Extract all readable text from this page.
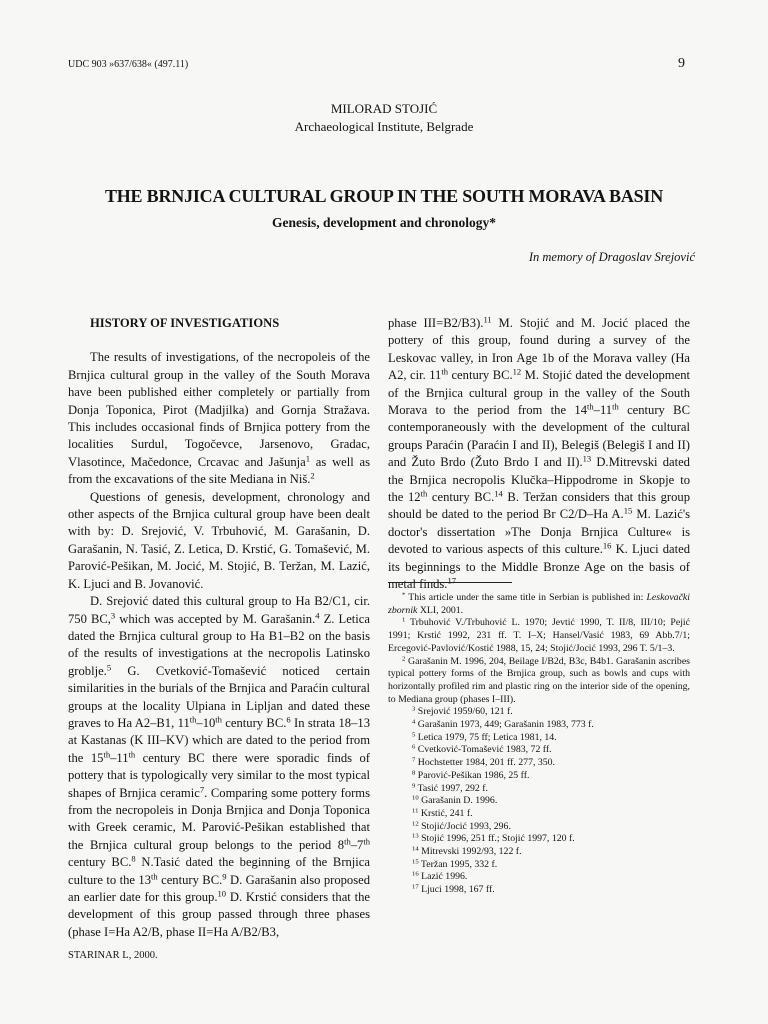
UDC 903 »637/638« (497.11)	9
MILORAD STOJIĆ
Archaeological Institute, Belgrade
THE BRNJICA CULTURAL GROUP IN THE SOUTH MORAVA BASIN
Genesis, development and chronology*
In memory of Dragoslav Srejović
HISTORY OF INVESTIGATIONS

The results of investigations, of the necropoleis of the Brnjica cultural group in the valley of the South Morava have been published either completely or partially from Donja Toponica, Pirot (Madjilka) and Gornja Stražava. This includes occasional finds of Brnjica pottery from the localities Surdul, Togočevce, Jarsenovo, Gradac, Vlasotince, Mačedonce, Crcavac and Jašunja$^1$ as well as from the excavations of the site Mediana in Niš.$^2$

Questions of genesis, development, chronology and other aspects of the Brnjica cultural group have been dealt with by: D. Srejović, V. Trbuhović, M. Garašanin, D. Garašanin, N. Tasić, Z. Letica, D. Krstić, G. Tomašević, M. Parović-Pešikan, M. Jocić, M. Stojić, B. Teržan, M. Lazić, K. Ljuci and B. Jovanović.

D. Srejović dated this cultural group to Ha B2/C1, cir. 750 BC,$^3$ which was accepted by M. Garašanin.$^4$ Z. Letica dated the Brnjica cultural group to Ha B1–B2 on the basis of the results of investigations at the necropolis Latinsko groblje.$^5$ G. Cvetković-Tomašević noticed certain similarities in the burials of the Brnjica and Paraćin cultural groups at the locality Ulpiana in Lipljan and dated these graves to Ha A2–B1, 11th–10th century BC.$^6$ In strata 18–13 at Kastanas (K III–KV) which are dated to the period from the 15th–11th century BC there were sporadic finds of pottery that is typologically very similar to the most typical shapes of Brnjica ceramic$^7$. Comparing some pottery forms from the necropoleis in Donja Brnjica and Donja Toponica with Greek ceramic, M. Parović-Pešikan established that the Brnjica cultural group belongs to the period 8th–7th century BC.$^8$ N.Tasić dated the beginning of the Brnjica culture to the 13th century BC.$^9$ D. Garašanin also proposed an earlier date for this group.$^{10}$ D. Krstić considers that the development of this group passed through three phases (phase I=Ha A2/B, phase II=Ha A/B2/B3,

phase III=B2/B3).$^{11}$ M. Stojić and M. Jocić placed the pottery of this group, found during a survey of the Leskovac valley, in Iron Age 1b of the Morava valley (Ha A2, cir. 11th century BC.$^{12}$ M. Stojić dated the development of the Brnjica cultural group in the valley of the South Morava to the period from the 14th–11th century BC contemporaneously with the development of the cultural groups Paraćin (Paraćin I and II), Belegiš (Belegiš I and II) and Žuto Brdo (Žuto Brdo I and II).$^{13}$ D.Mitrevski dated the Brnjica necropolis Klučka–Hippodrome in Skopje to the 12th century BC.$^{14}$ B. Teržan considers that this group should be dated to the period Br C2/D–Ha A.$^{15}$ M. Lazić's doctor's dissertation »The Donja Brnjica Culture« is devoted to various aspects of this culture.$^{16}$ K. Ljuci dated its beginnings to the Middle Bronze Age on the basis of metal finds.$^{17}$

* This article under the same title in Serbian is published in: Leskovački zbornik XLI, 2001.

$^1$ Trbuhović V./Trbuhović L. 1970; Jevtić 1990, T. II/8, III/10; Pejić 1991; Krstić 1992, 231 ff. T. I–X; Hansel/Vasić 1983, 69 Abb.7/1; Ercegović-Pavlović/Kostić 1988, 15, 24; Stojić/Jocić 1993, 296 T. 5/1–3.

$^2$ Garašanin M. 1996, 204, Beilage I/B2d, B3c, B4b1. Garašanin ascribes typical pottery forms of the Brnjica group, such as bowls and cups with horizontally profiled rim and plastic ring on the interior side of the opening, to Mediana group (phases I–III).

$^3$ Srejović 1959/60, 121 f.

$^4$ Garašanin 1973, 449; Garašanin 1983, 773 f.

$^5$ Letica 1979, 75 ff; Letica 1981, 14.

$^6$ Cvetković-Tomašević 1983, 72 ff.

$^7$ Hochstetter 1984, 201 ff. 277, 350.

$^8$ Parović-Pešikan 1986, 25 ff.

$^9$ Tasić 1997, 292 f.

$^{10}$ Garašanin D. 1996.

$^{11}$ Krstić, 241 f.

$^{12}$ Stojić/Jocić 1993, 296.

$^{13}$ Stojić 1996, 251 ff.; Stojić 1997, 120 f.

$^{14}$ Mitrevski 1992/93, 122 f.

$^{15}$ Teržan 1995, 332 f.

$^{16}$ Lazić 1996.

$^{17}$ Ljuci 1998, 167 ff.

STARINAR L, 2000.
